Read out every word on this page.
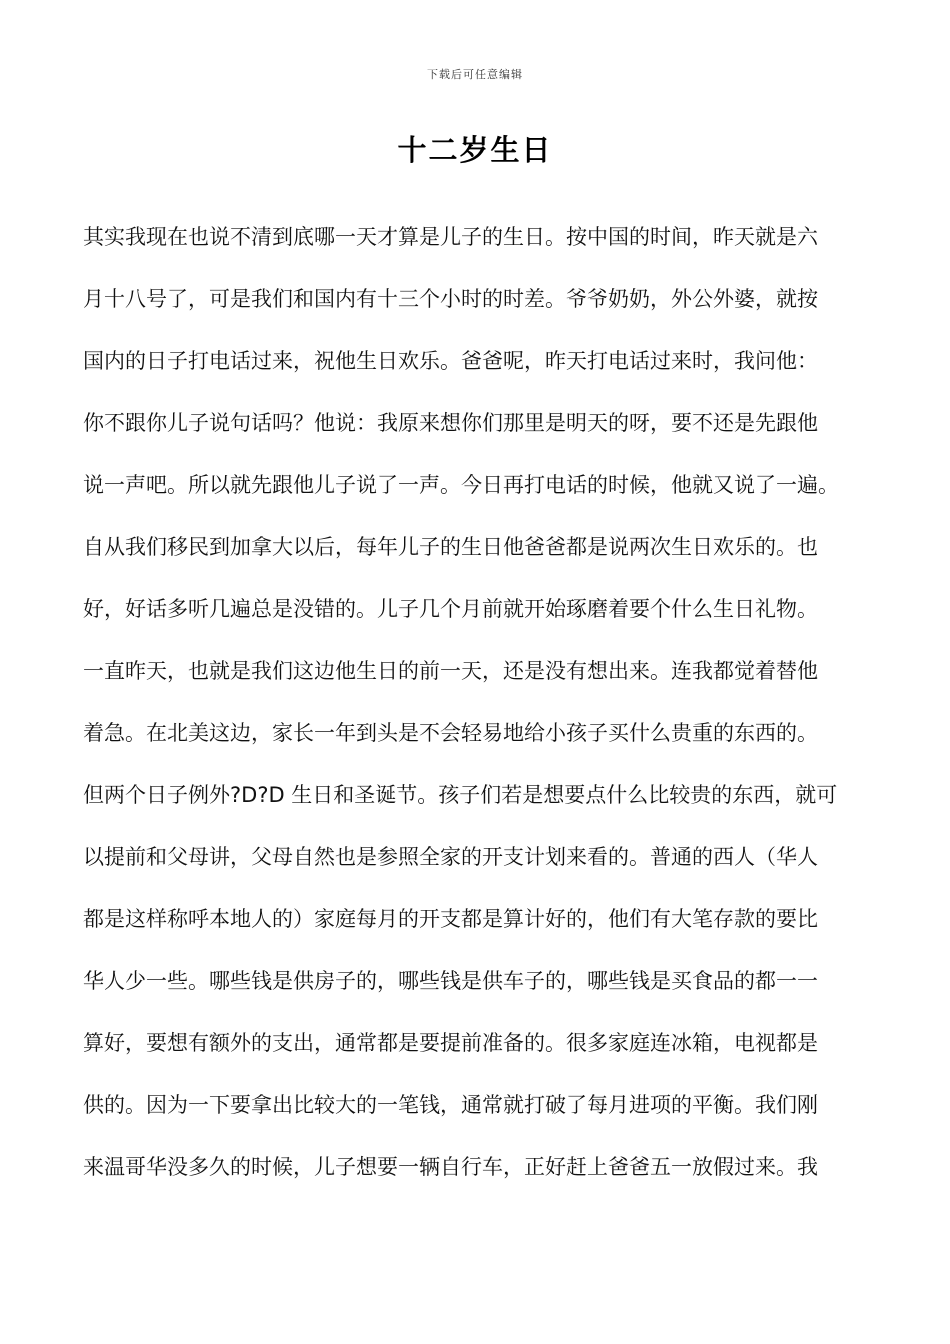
下载后可任意编辑
十二岁生日
其实我现在也说不清到底哪一天才算是儿子的生日。按中国的时间，昨天就是六
月十八号了，可是我们和国内有十三个小时的时差。爷爷奶奶，外公外婆，就按
国内的日子打电话过来，祝他生日欢乐。爸爸呢，昨天打电话过来时，我问他：
你不跟你儿子说句话吗？他说：我原来想你们那里是明天的呀，要不还是先跟他
说一声吧。所以就先跟他儿子说了一声。今日再打电话的时候，他就又说了一遍。
自从我们移民到加拿大以后，每年儿子的生日他爸爸都是说两次生日欢乐的。也
好，好话多听几遍总是没错的。儿子几个月前就开始琢磨着要个什么生日礼物。
一直昨天，也就是我们这边他生日的前一天，还是没有想出来。连我都觉着替他
着急。在北美这边，家长一年到头是不会轻易地给小孩子买什么贵重的东西的。
但两个日子例外?D?D 生日和圣诞节。孩子们若是想要点什么比较贵的东西，就可
以提前和父母讲，父母自然也是参照全家的开支计划来看的。普通的西人（华人
都是这样称呼本地人的）家庭每月的开支都是算计好的，他们有大笔存款的要比
华人少一些。哪些钱是供房子的，哪些钱是供车子的，哪些钱是买食品的都一一
算好，要想有额外的支出，通常都是要提前准备的。很多家庭连冰箱，电视都是
供的。因为一下要拿出比较大的一笔钱，通常就打破了每月进项的平衡。我们刚
来温哥华没多久的时候，儿子想要一辆自行车，正好赶上爸爸五一放假过来。我
